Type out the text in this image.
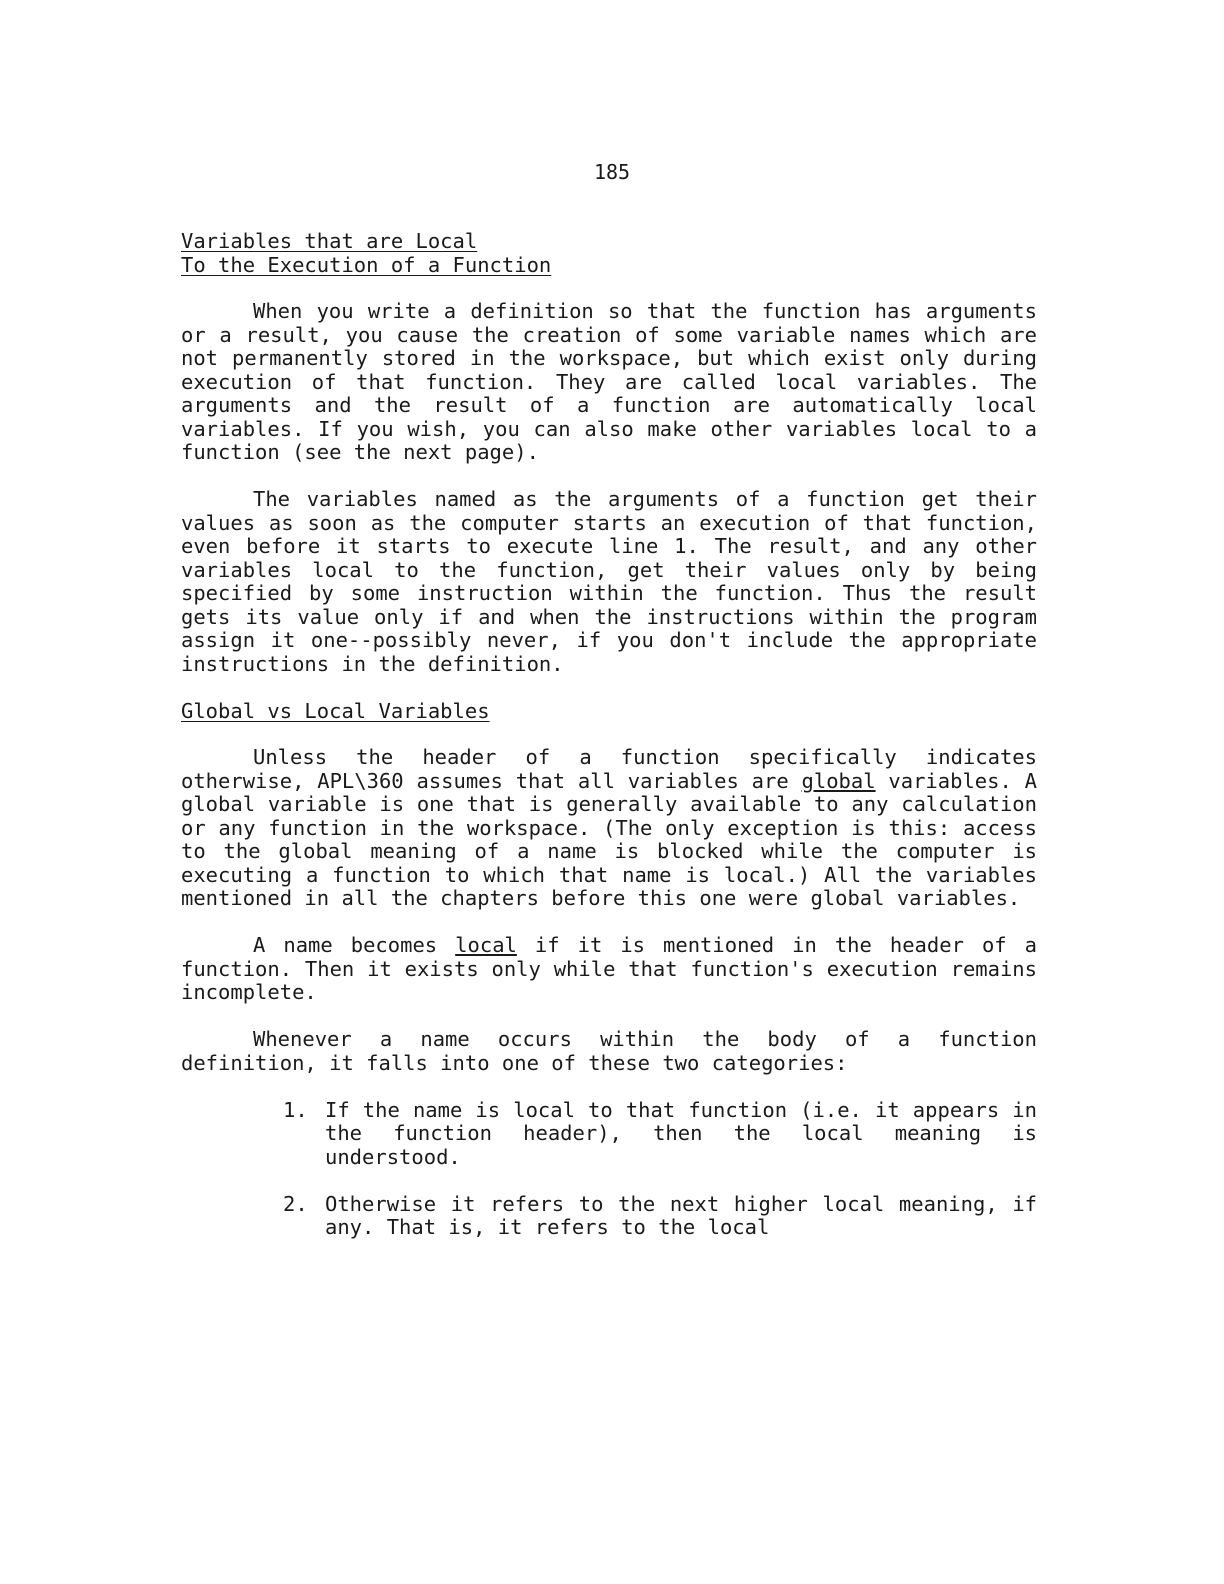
185
Variables that are Local
To the Execution of a Function

When you write a definition so that the function has arguments or a result, you cause the creation of some variable names which are not permanently stored in the workspace, but which exist only during execution of that function. They are called local variables. The arguments and the result of a function are automatically local variables. If you wish, you can also make other variables local to a function (see the next page).

The variables named as the arguments of a function get their values as soon as the computer starts an execution of that function, even before it starts to execute line 1. The result, and any other variables local to the function, get their values only by being specified by some instruction within the function. Thus the result gets its value only if and when the instructions within the program assign it one--possibly never, if you don't include the appropriate instructions in the definition.

Global vs Local Variables

Unless the header of a function specifically indicates otherwise, APL\360 assumes that all variables are global variables. A global variable is one that is generally available to any calculation or any function in the workspace. (The only exception is this: access to the global meaning of a name is blocked while the computer is executing a function to which that name is local.) All the variables mentioned in all the chapters before this one were global variables.

A name becomes local if it is mentioned in the header of a function. Then it exists only while that function's execution remains incomplete.

Whenever a name occurs within the body of a function definition, it falls into one of these two categories:

1. If the name is local to that function (i.e. it appears in the function header), then the local meaning is understood.
2. Otherwise it refers to the next higher local meaning, if any. That is, it refers to the local
